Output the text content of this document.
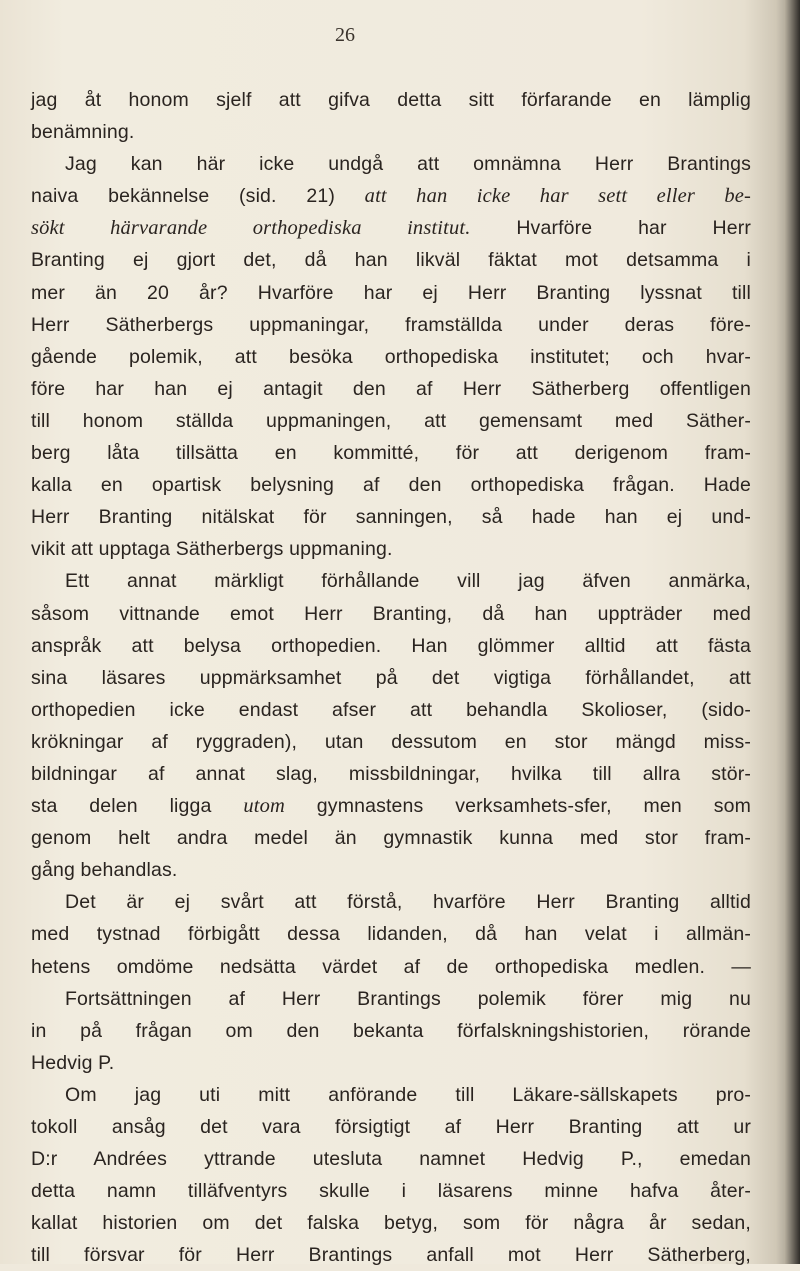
26
jag åt honom sjelf att gifva detta sitt förfarande en lämplig
benämning.
Jag kan här icke undgå att omnämna Herr Brantings
naiva bekännelse (sid. 21) att han icke har sett eller be-
sökt härvarande orthopediska institut. Hvarföre har Herr
Branting ej gjort det, då han likväl fäktat mot detsamma i
mer än 20 år? Hvarföre har ej Herr Branting lyssnat till
Herr Sätherbergs uppmaningar, framställda under deras före-
gående polemik, att besöka orthopediska institutet; och hvar-
före har han ej antagit den af Herr Sätherberg offentligen
till honom ställda uppmaningen, att gemensamt med Säther-
berg låta tillsätta en kommitté, för att derigenom fram-
kalla en opartisk belysning af den orthopediska frågan. Hade
Herr Branting nitälskat för sanningen, så hade han ej und-
vikit att upptaga Sätherbergs uppmaning.
Ett annat märkligt förhållande vill jag äfven anmärka,
såsom vittnande emot Herr Branting, då han uppträder med
anspråk att belysa orthopedien. Han glömmer alltid att fästa
sina läsares uppmärksamhet på det vigtiga förhållandet, att
orthopedien icke endast afser att behandla Skolioser, (sido-
krökningar af ryggraden), utan dessutom en stor mängd miss-
bildningar af annat slag, missbildningar, hvilka till allra stör-
sta delen ligga utom gymnastens verksamhets-sfer, men som
genom helt andra medel än gymnastik kunna med stor fram-
gång behandlas.
Det är ej svårt att förstå, hvarföre Herr Branting alltid
med tystnad förbigått dessa lidanden, då han velat i allmän-
hetens omdöme nedsätta värdet af de orthopediska medlen. —
Fortsättningen af Herr Brantings polemik förer mig nu
in på frågan om den bekanta förfalskningshistorien, rörande
Hedvig P.
Om jag uti mitt anförande till Läkare-sällskapets pro-
tokoll ansåg det vara försigtigt af Herr Branting att ur
D:r Andrées yttrande utesluta namnet Hedvig P., emedan
detta namn tilläfventyrs skulle i läsarens minne hafva åter-
kallat historien om det falska betyg, som för några år sedan,
till försvar för Herr Brantings anfall mot Herr Sätherberg,
